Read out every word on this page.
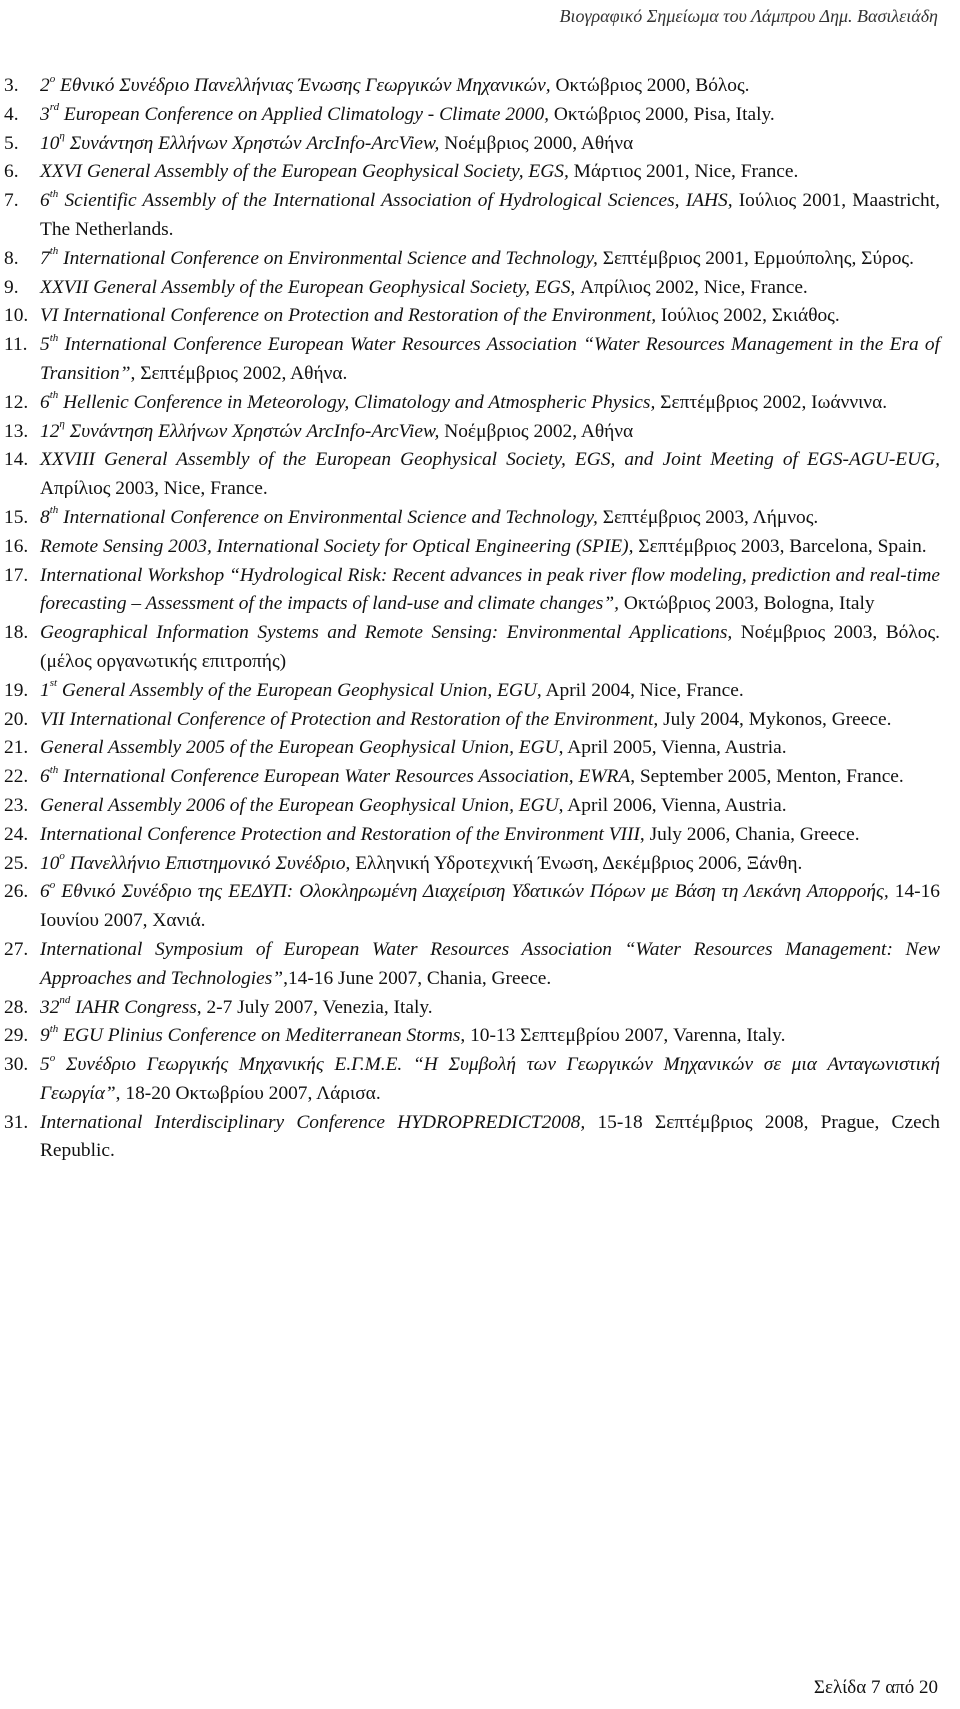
Βιογραφικό Σημείωμα του Λάμπρου Δημ. Βασιλειάδη
3. $2^o$ Εθνικό Συνέδριο Πανελλήνιας Ένωσης Γεωργικών Μηχανικών, Οκτώβριος 2000, Βόλος.
4. 3rd European Conference on Applied Climatology - Climate 2000, Οκτώβριος 2000, Pisa, Italy.
5. $10^\eta$ Συνάντηση Ελλήνων Χρηστών ArcInfo-ArcView, Νοέμβριος 2000, Αθήνα
6. XXVI General Assembly of the European Geophysical Society, EGS, Μάρτιος 2001, Nice, France.
7. 6th Scientific Assembly of the International Association of Hydrological Sciences, IAHS, Ιούλιος 2001, Maastricht, The Netherlands.
8. 7th International Conference on Environmental Science and Technology, Σεπτέμβριος 2001, Ερμούπολης, Σύρος.
9. XXVII General Assembly of the European Geophysical Society, EGS, Απρίλιος 2002, Nice, France.
10. VI International Conference on Protection and Restoration of the Environment, Ιούλιος 2002, Σκιάθος.
11. 5th International Conference European Water Resources Association “Water Resources Management in the Era of Transition”, Σεπτέμβριος 2002, Αθήνα.
12. 6th Hellenic Conference in Meteorology, Climatology and Atmospheric Physics, Σεπτέμβριος 2002, Ιωάννινα.
13. $12^\eta$ Συνάντηση Ελλήνων Χρηστών ArcInfo-ArcView, Νοέμβριος 2002, Αθήνα
14. XXVIII General Assembly of the European Geophysical Society, EGS, and Joint Meeting of EGS-AGU-EUG, Απρίλιος 2003, Nice, France.
15. 8th International Conference on Environmental Science and Technology, Σεπτέμβριος 2003, Λήμνος.
16. Remote Sensing 2003, International Society for Optical Engineering (SPIE), Σεπτέμβριος 2003, Barcelona, Spain.
17. International Workshop “Hydrological Risk: Recent advances in peak river flow modeling, prediction and real-time forecasting – Assessment of the impacts of land-use and climate changes”, Οκτώβριος 2003, Bologna, Italy
18. Geographical Information Systems and Remote Sensing: Environmental Applications, Νοέμβριος 2003, Βόλος. (μέλος οργανωτικής επιτροπής)
19. 1st General Assembly of the European Geophysical Union, EGU, April 2004, Nice, France.
20. VII International Conference of Protection and Restoration of the Environment, July 2004, Mykonos, Greece.
21. General Assembly 2005 of the European Geophysical Union, EGU, April 2005, Vienna, Austria.
22. 6th International Conference European Water Resources Association, EWRA, September 2005, Menton, France.
23. General Assembly 2006 of the European Geophysical Union, EGU, April 2006, Vienna, Austria.
24. International Conference Protection and Restoration of the Environment VIII, July 2006, Chania, Greece.
25. $10^o$ Πανελλήνιο Επιστημονικό Συνέδριο, Ελληνική Υδροτεχνική Ένωση, Δεκέμβριος 2006, Ξάνθη.
26. $6^o$ Εθνικό Συνέδριο της ΕΕΔΥΠ: Ολοκληρωμένη Διαχείριση Υδατικών Πόρων με Βάση τη Λεκάνη Απορροής, 14-16 Ιουνίου 2007, Χανιά.
27. International Symposium of European Water Resources Association “Water Resources Management: New Approaches and Technologies”,14-16 June 2007, Chania, Greece.
28. 32nd IAHR Congress, 2-7 July 2007, Venezia, Italy.
29. 9th EGU Plinius Conference on Mediterranean Storms, 10-13 Σεπτεμβρίου 2007, Varenna, Italy.
30. $5^o$ Συνέδριο Γεωργικής Μηχανικής Ε.Γ.Μ.Ε. “Η Συμβολή των Γεωργικών Μηχανικών σε μια Ανταγωνιστική Γεωργία”, 18-20 Οκτωβρίου 2007, Λάρισα.
31. International Interdisciplinary Conference HYDROPREDICT2008, 15-18 Σεπτέμβριος 2008, Prague, Czech Republic.
Σελίδα 7 από 20
